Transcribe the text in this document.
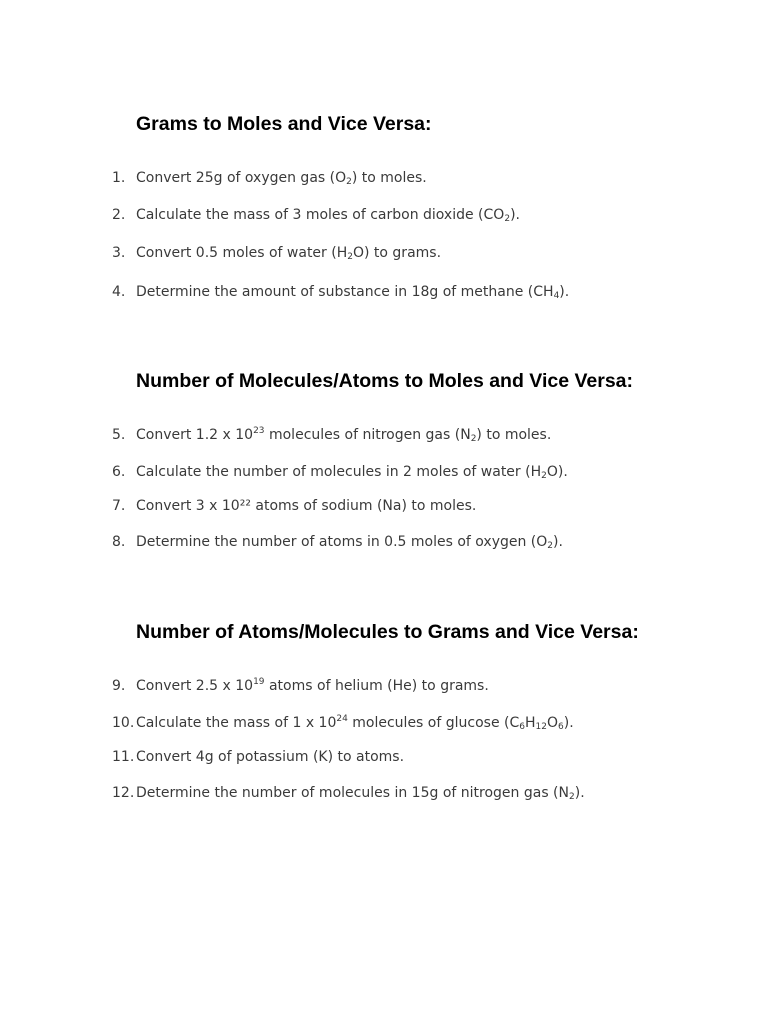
Grams to Moles and Vice Versa:
1. Convert 25g of oxygen gas $(O_2)$ to moles.
2. Calculate the mass of 3 moles of carbon dioxide $(CO_2)$.
3. Convert 0.5 moles of water $(H_2O)$ to grams.
4. Determine the amount of substance in 18g of methane $(CH_4)$.
Number of Molecules/Atoms to Moles and Vice Versa:
5. Convert 1.2 x $10^{23}$ molecules of nitrogen gas $(N_2)$ to moles.
6. Calculate the number of molecules in 2 moles of water $(H_2O)$.
7. Convert 3 x 10²² atoms of sodium (Na) to moles.
8. Determine the number of atoms in 0.5 moles of oxygen $(O_2)$.
Number of Atoms/Molecules to Grams and Vice Versa:
9. Convert 2.5 x $10^{19}$ atoms of helium (He) to grams.
10. Calculate the mass of 1 x $10^{24}$ molecules of glucose $(C_6H_{12}O_6)$.
11. Convert 4g of potassium (K) to atoms.
12. Determine the number of molecules in 15g of nitrogen gas $(N_2)$.
